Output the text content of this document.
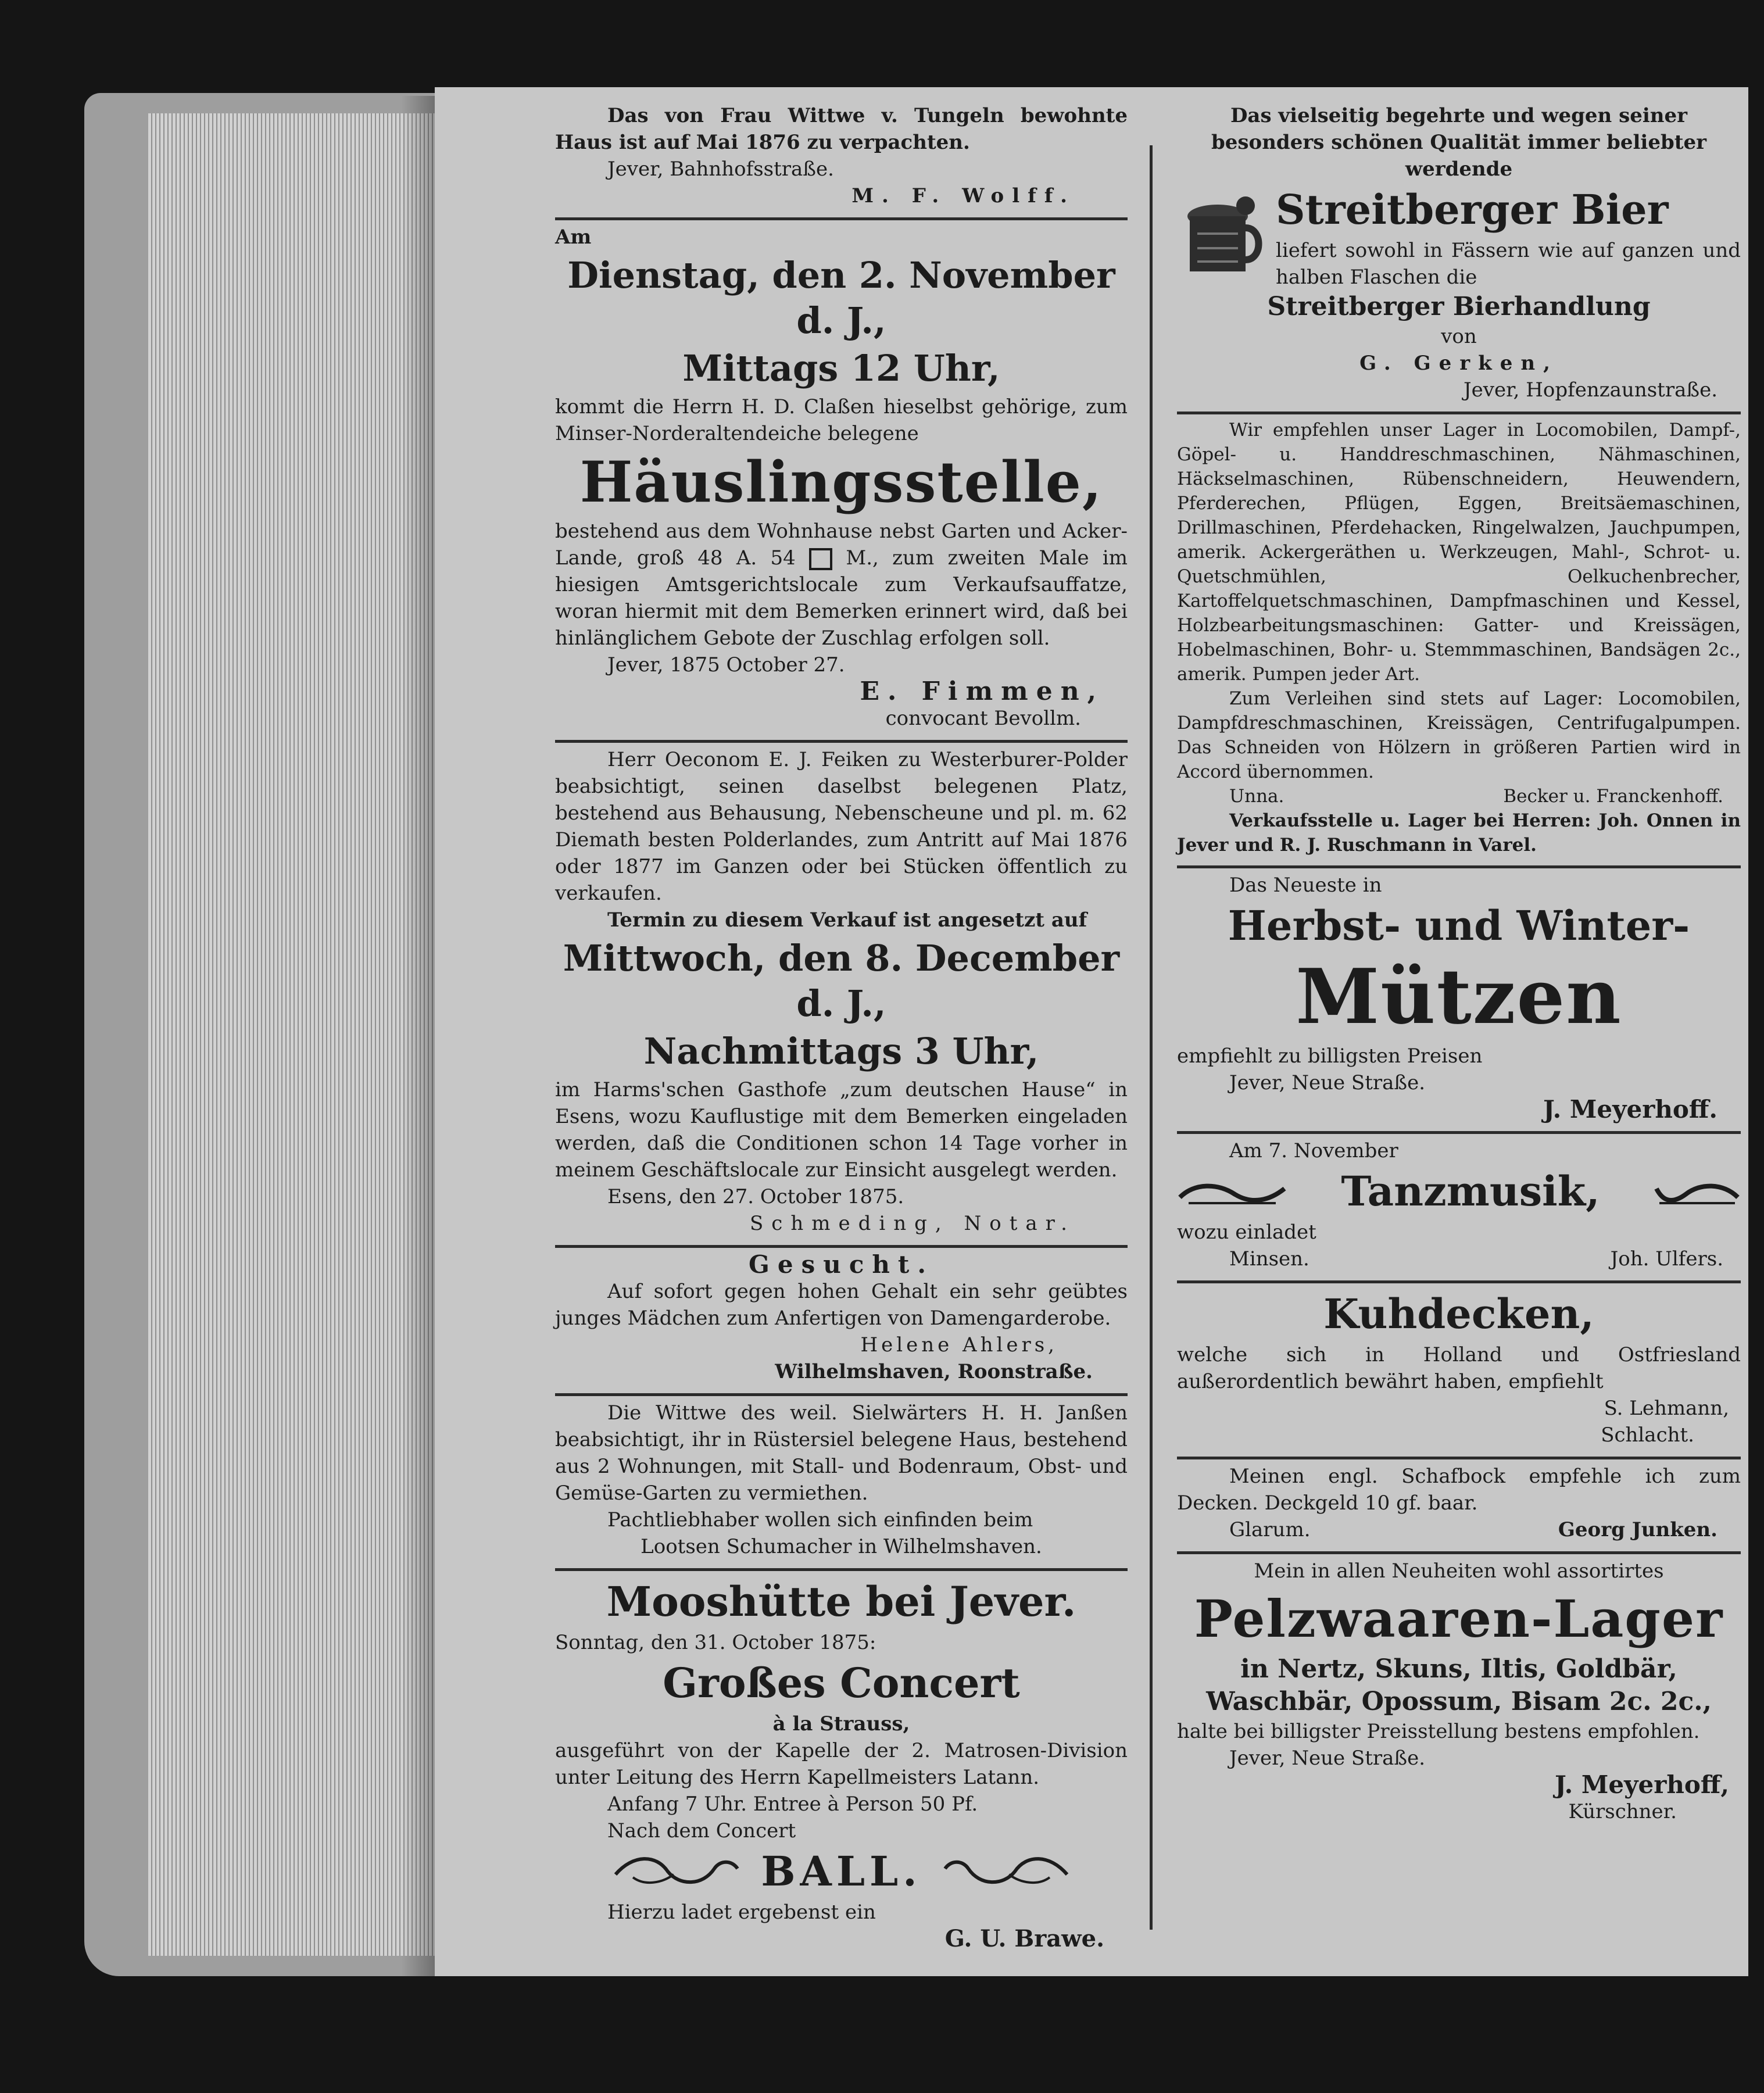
Das von Frau Wittwe v. Tungeln bewohnte Haus ist auf Mai 1876 zu verpachten.

Jever, Bahnhofsstraße.

M. F. Wolff.

Am

Dienstag, den 2. November d. J.,
Mittags 12 Uhr,

kommt die Herrn H. D. Claßen hieselbst gehörige, zum Minser-Norderaltendeiche belegene

Häuslingsstelle,

bestehend aus dem Wohnhause nebst Garten und Acker-Lande, groß 48 A. 54	M., zum zweiten Male im hiesigen Amtsgerichtslocale zum Verkaufsauffatze, woran hiermit mit dem Bemerken erinnert wird, daß bei hinlänglichem Gebote der Zuschlag erfolgen soll.

Jever, 1875 October 27.

E. Fimmen,

convocant Bevollm.

Herr Oeconom E. J. Feiken zu Westerburer-Polder beabsichtigt, seinen daselbst belegenen Platz, bestehend aus Behausung, Nebenscheune und pl. m. 62 Diemath besten Polderlandes, zum Antritt auf Mai 1876 oder 1877 im Ganzen oder bei Stücken öffentlich zu verkaufen.

Termin zu diesem Verkauf ist angesetzt auf

Mittwoch, den 8. December d. J.,
Nachmittags 3 Uhr,

im Harms'schen Gasthofe „zum deutschen Hause“ in Esens, wozu Kauflustige mit dem Bemerken eingeladen werden, daß die Conditionen schon 14 Tage vorher in meinem Geschäftslocale zur Einsicht ausgelegt werden.

Esens, den 27. October 1875.

Schmeding, Notar.

Gesucht.

Auf sofort gegen hohen Gehalt ein sehr geübtes junges Mädchen zum Anfertigen von Damengarderobe.

Helene Ahlers,

Wilhelmshaven, Roonstraße.

Die Wittwe des weil. Sielwärters H. H. Janßen beabsichtigt, ihr in Rüstersiel belegene Haus, bestehend aus 2 Wohnungen, mit Stall- und Bodenraum, Obst- und Gemüse-Garten zu vermiethen.

Pachtliebhaber wollen sich einfinden beim

Lootsen Schumacher in Wilhelmshaven.

Mooshütte bei Jever.

Sonntag, den 31. October 1875:

Großes Concert

à la Strauss,

ausgeführt von der Kapelle der 2. Matrosen-Division unter Leitung des Herrn Kapellmeisters Latann.

Anfang 7 Uhr. Entree à Person 50 Pf.

Nach dem Concert

BALL.

Hierzu ladet ergebenst ein

G. U. Brawe.

Das vielseitig begehrte und wegen seiner besonders schönen Qualität immer beliebter werdende

Streitberger Bier

liefert sowohl in Fässern wie auf ganzen und halben Flaschen die

Streitberger Bierhandlung

von

G. Gerken,

Jever, Hopfenzaunstraße.

Wir empfehlen unser Lager in Locomobilen, Dampf-, Göpel- u. Handdreschmaschinen, Nähmaschinen, Häckselmaschinen, Rübenschneidern, Heuwendern, Pferderechen, Pflügen, Eggen, Breitsäemaschinen, Drillmaschinen, Pferdehacken, Ringelwalzen, Jauchpumpen, amerik. Ackergeräthen u. Werkzeugen, Mahl-, Schrot- u. Quetschmühlen, Oelkuchenbrecher, Kartoffelquetschmaschinen, Dampfmaschinen und Kessel, Holzbearbeitungsmaschinen: Gatter- und Kreissägen, Hobelmaschinen, Bohr- u. Stemmmaschinen, Bandsägen 2c., amerik. Pumpen jeder Art.

Zum Verleihen sind stets auf Lager: Locomobilen, Dampfdreschmaschinen, Kreissägen, Centrifugalpumpen. Das Schneiden von Hölzern in größeren Partien wird in Accord übernommen.

Unna.	Becker u. Franckenhoff.

Verkaufsstelle u. Lager bei Herren: Joh. Onnen in Jever und R. J. Ruschmann in Varel.

Das Neueste in

Herbst- und Winter-
Mützen

empfiehlt zu billigsten Preisen

Jever, Neue Straße.

J. Meyerhoff.

Am 7. November

Tanzmusik,

wozu einladet

Minsen.	Joh. Ulfers.

Kuhdecken,

welche sich in Holland und Ostfriesland außerordentlich bewährt haben, empfiehlt

S. Lehmann,

Schlacht.

Meinen engl. Schafbock empfehle ich zum Decken. Deckgeld 10 gf. baar.

Glarum.	Georg Junken.

Mein in allen Neuheiten wohl assortirtes

Pelzwaaren-Lager

in Nertz, Skuns, Iltis, Goldbär, Waschbär, Opossum, Bisam 2c. 2c.,

halte bei billigster Preisstellung bestens empfohlen.

Jever, Neue Straße.

J. Meyerhoff,

Kürschner.
